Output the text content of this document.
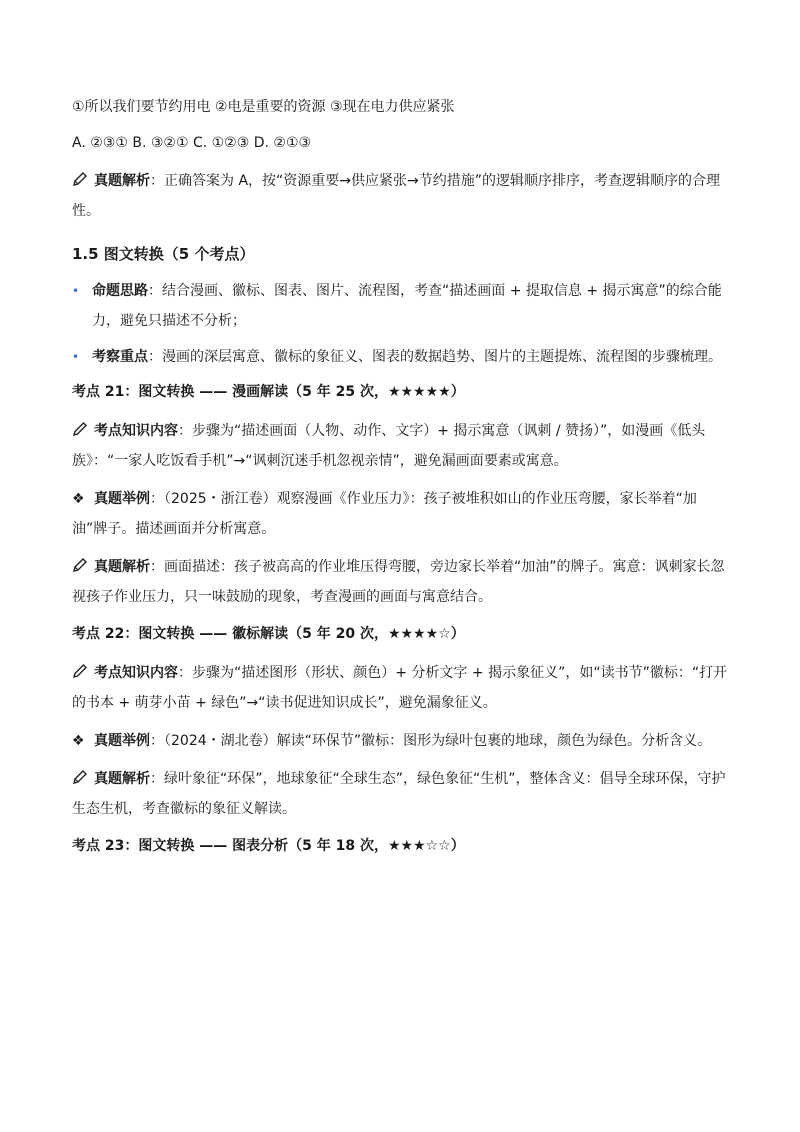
①所以我们要节约用电 ②电是重要的资源 ③现在电力供应紧张

A. ②③① B. ③②① C. ①②③ D. ②①③

真题解析：正确答案为 A，按“资源重要→供应紧张→节约措施”的逻辑顺序排序，考查逻辑顺序的合理性。

1.5 图文转换（5 个考点）
• 命题思路：结合漫画、徽标、图表、图片、流程图，考查“描述画面 + 提取信息 + 揭示寓意”的综合能力，避免只描述不分析；
• 考察重点：漫画的深层寓意、徽标的象征义、图表的数据趋势、图片的主题提炼、流程图的步骤梳理。
考点 21：图文转换 —— 漫画解读（5 年 25 次，★★★★★）

考点知识内容：步骤为“描述画面（人物、动作、文字）+ 揭示寓意（讽刺 / 赞扬）”，如漫画《低头族》：“一家人吃饭看手机”→“讽刺沉迷手机忽视亲情”，避免漏画面要素或寓意。

❖ 真题举例：（2025・浙江卷）观察漫画《作业压力》：孩子被堆积如山的作业压弯腰，家长举着“加油”牌子。描述画面并分析寓意。

真题解析：画面描述：孩子被高高的作业堆压得弯腰，旁边家长举着“加油”的牌子。寓意：讽刺家长忽视孩子作业压力，只一味鼓励的现象，考查漫画的画面与寓意结合。

考点 22：图文转换 —— 徽标解读（5 年 20 次，★★★★☆）

考点知识内容：步骤为“描述图形（形状、颜色）+ 分析文字 + 揭示象征义”，如“读书节”徽标：“打开的书本 + 萌芽小苗 + 绿色”→“读书促进知识成长”，避免漏象征义。

❖ 真题举例：（2024・湖北卷）解读“环保节”徽标：图形为绿叶包裹的地球，颜色为绿色。分析含义。

真题解析：绿叶象征“环保”，地球象征“全球生态”，绿色象征“生机”，整体含义：倡导全球环保，守护生态生机，考查徽标的象征义解读。

考点 23：图文转换 —— 图表分析（5 年 18 次，★★★☆☆）
